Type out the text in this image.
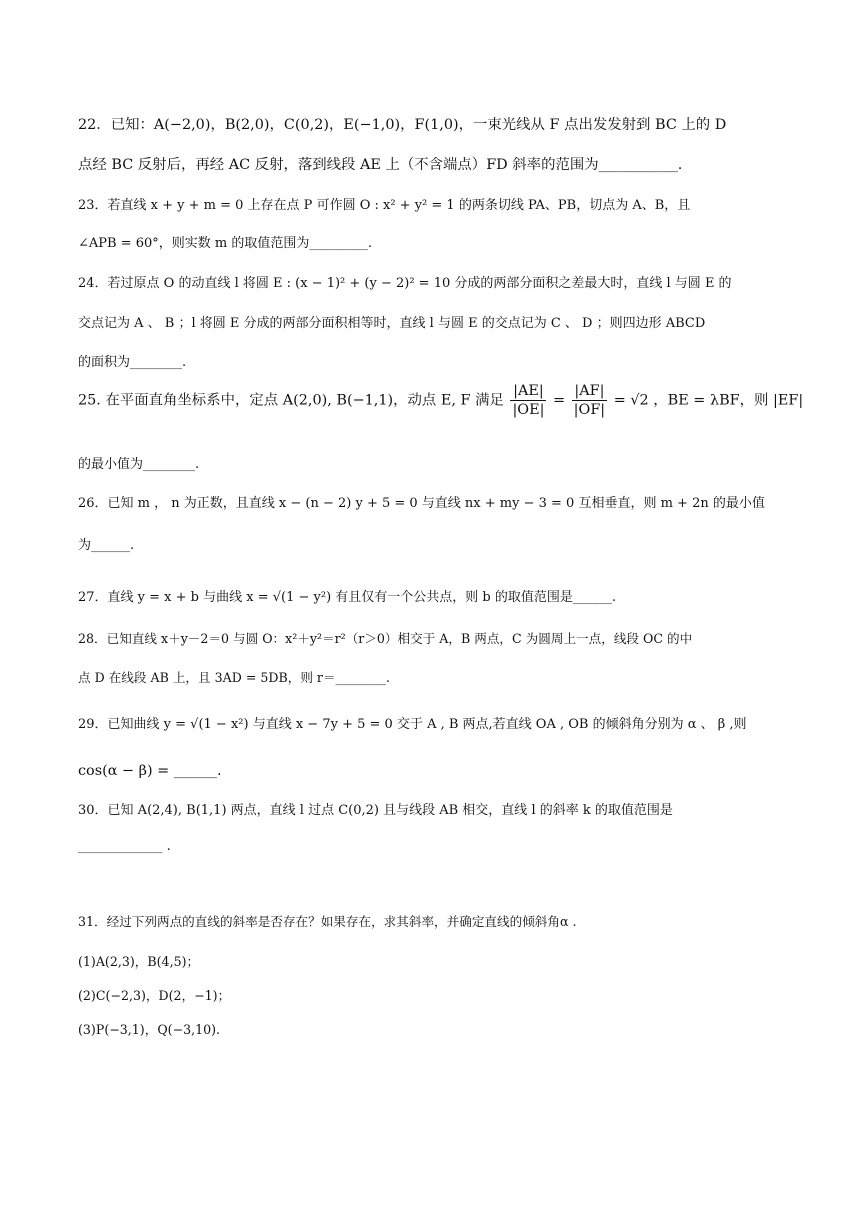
22．已知：A(−2,0)，B(2,0)，C(0,2)，E(−1,0)，F(1,0)，一束光线从 F 点出发发射到 BC 上的 D
点经 BC 反射后，再经 AC 反射，落到线段 AE 上（不含端点）FD 斜率的范围为___________.
23．若直线 x + y + m = 0 上存在点 P 可作圆 O : x² + y² = 1 的两条切线 PA、PB，切点为 A、B，且
∠APB = 60°，则实数 m 的取值范围为_________.
24．若过原点 O 的动直线 l 将圆 E : (x − 1)² + (y − 2)² = 10 分成的两部分面积之差最大时，直线 l 与圆 E 的
交点记为 A 、 B ；l 将圆 E 分成的两部分面积相等时，直线 l 与圆 E 的交点记为 C 、 D ；则四边形 ABCD
的面积为________.
25. 在平面直角坐标系中，定点 A(2,0), B(−1,1)，动点 E, F 满足 $\frac{|AE|}{|OE|} = \frac{|AF|}{|OF|} = √2$ ，BE = λBF，则 |EF|
的最小值为________.
26．已知 m ， n 为正数，且直线 x − (n − 2) y + 5 = 0 与直线 nx + my − 3 = 0 互相垂直，则 m + 2n 的最小值
为______.
27．直线 y = x + b 与曲线 x = √(1 − y²) 有且仅有一个公共点，则 b 的取值范围是______.
28．已知直线 x＋y－2＝0 与圆 O：x²＋y²＝r²（r＞0）相交于 A，B 两点，C 为圆周上一点，线段 OC 的中
点 D 在线段 AB 上，且 3AD = 5DB，则 r＝________.
29．已知曲线 y = √(1 − x²) 与直线 x − 7y + 5 = 0 交于 A , B 两点,若直线 OA , OB 的倾斜角分别为 α 、 β ,则
cos(α − β) = ______.
30．已知 A(2,4), B(1,1) 两点，直线 l 过点 C(0,2) 且与线段 AB 相交，直线 l 的斜率 k 的取值范围是
_____________ .
31．经过下列两点的直线的斜率是否存在？如果存在，求其斜率，并确定直线的倾斜角α .
(1)A(2,3)，B(4,5)；
(2)C(−2,3)，D(2，−1)；
(3)P(−3,1)，Q(−3,10).
